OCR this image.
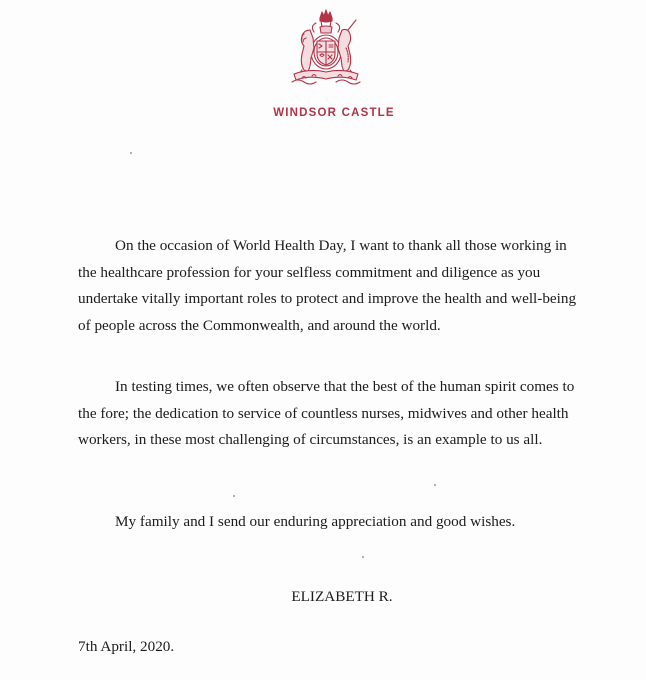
WINDSOR CASTLE

On the occasion of World Health Day, I want to thank all those working in the healthcare profession for your selfless commitment and diligence as you undertake vitally important roles to protect and improve the health and well-being of people across the Commonwealth, and around the world.

In testing times, we often observe that the best of the human spirit comes to the fore; the dedication to service of countless nurses, midwives and other health workers, in these most challenging of circumstances, is an example to us all.

My family and I send our enduring appreciation and good wishes.

ELIZABETH R.
7th April, 2020.
